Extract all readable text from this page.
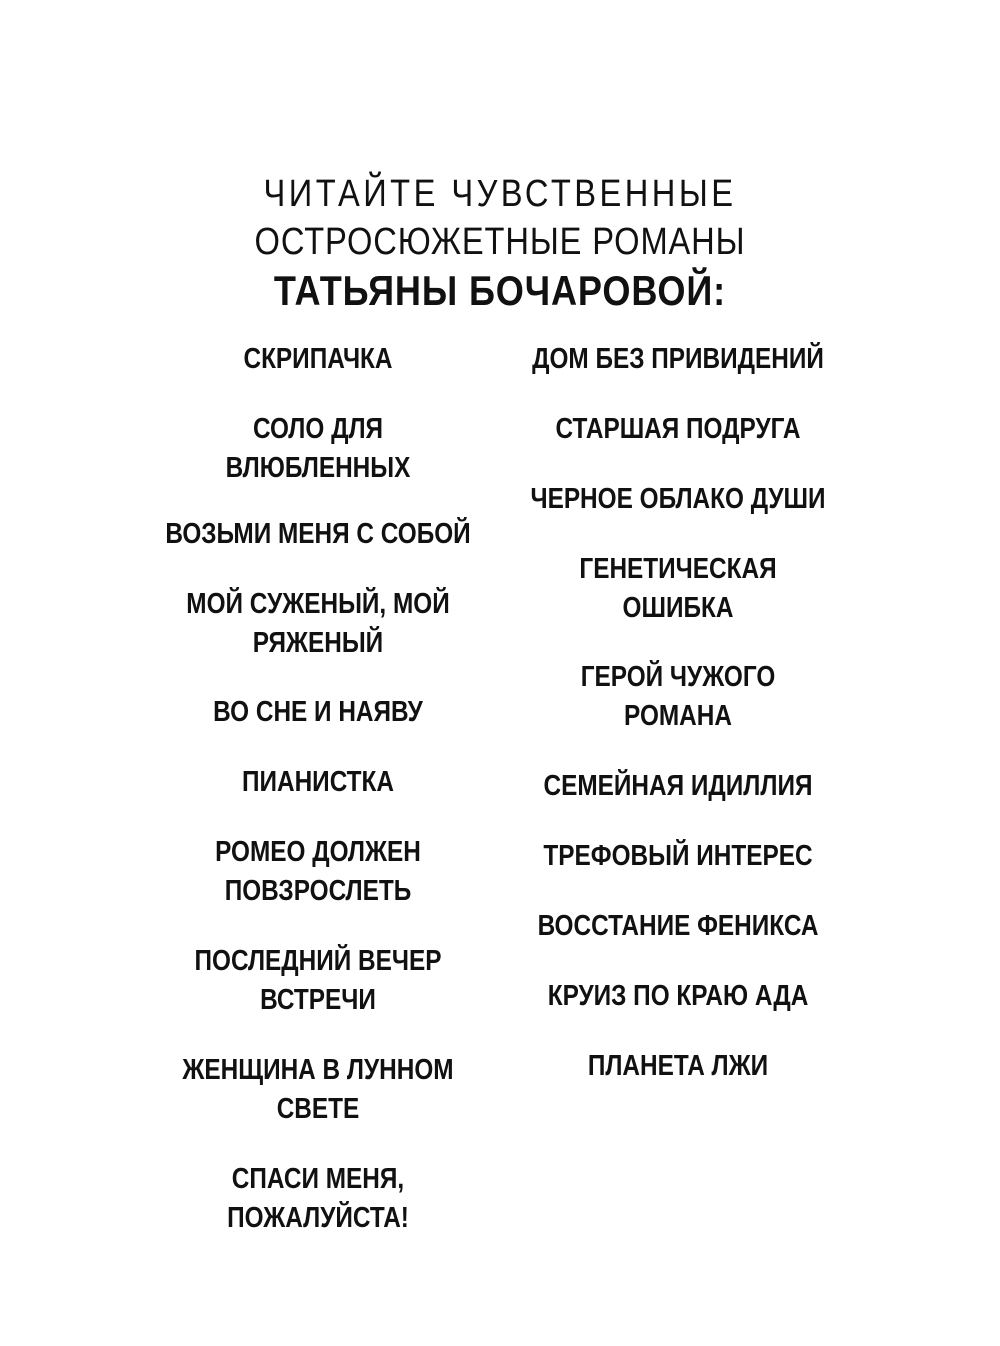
ЧИТАЙТЕ ЧУВСТВЕННЫЕ
ОСТРОСЮЖЕТНЫЕ РОМАНЫ
ТАТЬЯНЫ БОЧАРОВОЙ:
СКРИПАЧКА
СОЛО ДЛЯ ВЛЮБЛЕННЫХ
ВОЗЬМИ МЕНЯ С СОБОЙ
МОЙ СУЖЕНЫЙ, МОЙ РЯЖЕНЫЙ
ВО СНЕ И НАЯВУ
ПИАНИСТКА
РОМЕО ДОЛЖЕН ПОВЗРОСЛЕТЬ
ПОСЛЕДНИЙ ВЕЧЕР ВСТРЕЧИ
ЖЕНЩИНА В ЛУННОМ СВЕТЕ
СПАСИ МЕНЯ, ПОЖАЛУЙСТА!
ДОМ БЕЗ ПРИВИДЕНИЙ
СТАРШАЯ ПОДРУГА
ЧЕРНОЕ ОБЛАКО ДУШИ
ГЕНЕТИЧЕСКАЯ ОШИБКА
ГЕРОЙ ЧУЖОГО РОМАНА
СЕМЕЙНАЯ ИДИЛЛИЯ
ТРЕФОВЫЙ ИНТЕРЕС
ВОССТАНИЕ ФЕНИКСА
КРУИЗ ПО КРАЮ АДА
ПЛАНЕТА ЛЖИ
